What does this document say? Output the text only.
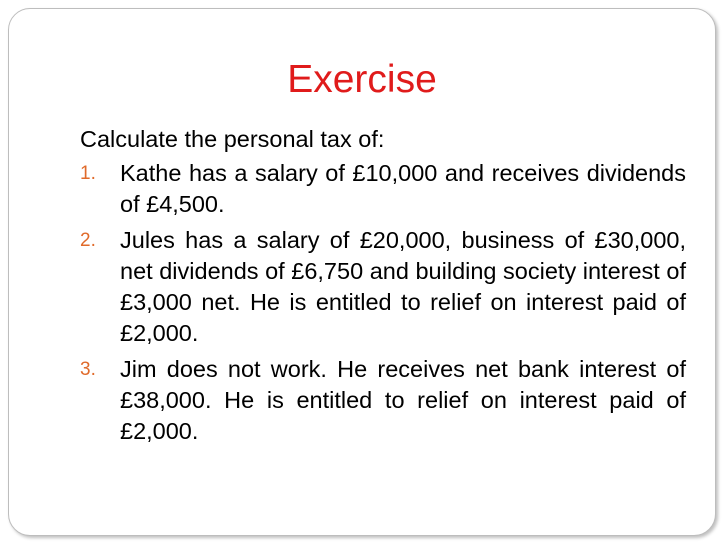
Exercise

Calculate the personal tax of:

1. Kathe has a salary of £10,000 and receives dividends of £4,500.
2. Jules has a salary of £20,000, business of £30,000, net dividends of £6,750 and building society interest of £3,000 net. He is entitled to relief on interest paid of £2,000.
3. Jim does not work. He receives net bank interest of £38,000. He is entitled to relief on interest paid of £2,000.
